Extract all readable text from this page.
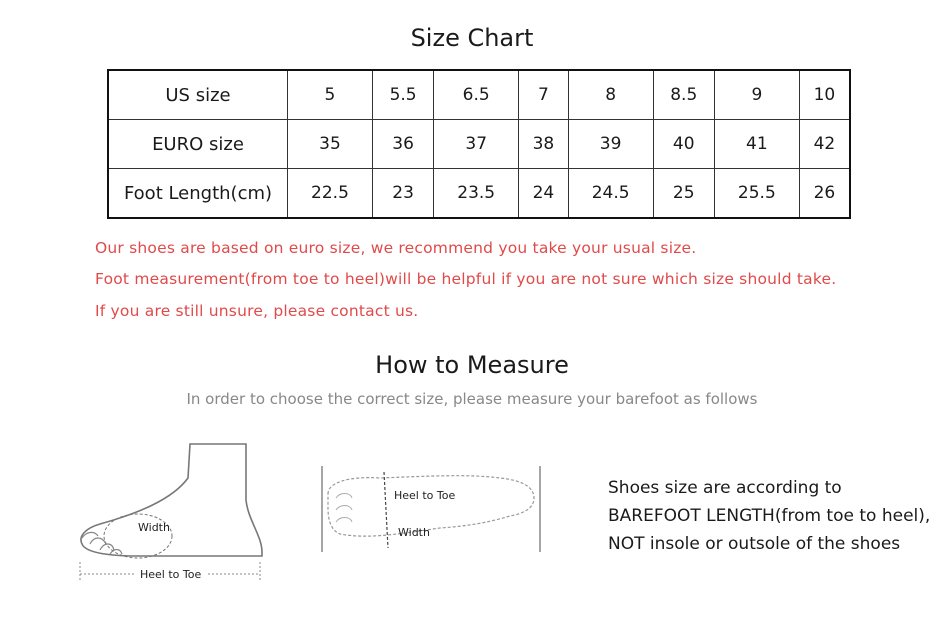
Size Chart
US size	5	5.5	6.5	7	8	8.5	9	10
EURO size	35	36	37	38	39	40	41	42
Foot Length(cm)	22.5	23	23.5	24	24.5	25	25.5	26
Our shoes are based on euro size, we recommend you take your usual size.
Foot measurement(from toe to heel)will be helpful if you are not sure which size should take.
If you are still unsure, please contact us.
How to Measure
In order to choose the correct size, please measure your barefoot as follows
Width
Heel to Toe
Heel to Toe
Width
Shoes size are according to
BAREFOOT LENGTH(from toe to heel),
NOT insole or outsole of the shoes
